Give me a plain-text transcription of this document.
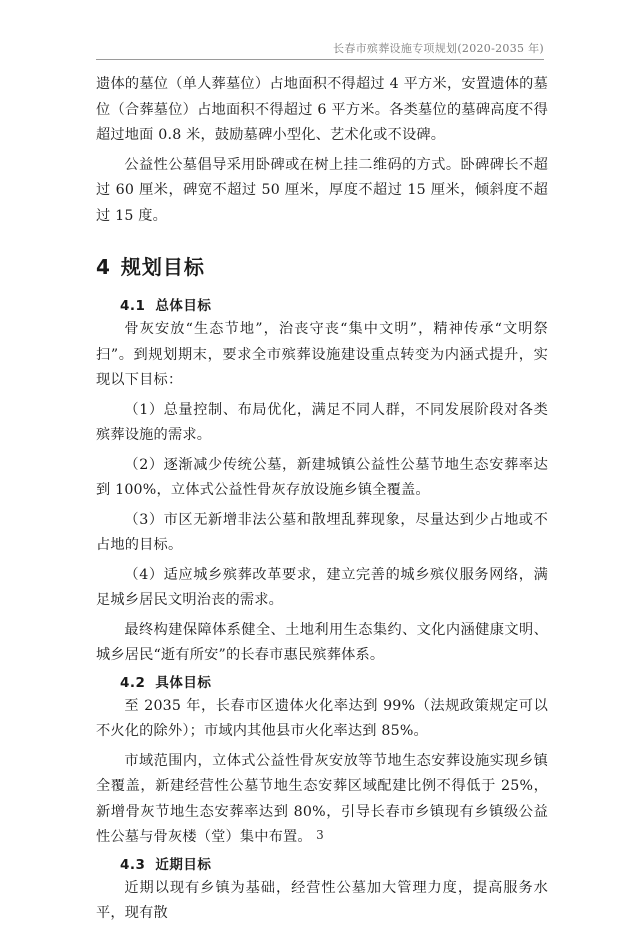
长春市殡葬设施专项规划(2020-2035 年)

遗体的墓位（单人葬墓位）占地面积不得超过 4 平方米，安置遗体的墓位（合葬墓位）占地面积不得超过 6 平方米。各类墓位的墓碑高度不得超过地面 0.8 米，鼓励墓碑小型化、艺术化或不设碑。

公益性公墓倡导采用卧碑或在树上挂二维码的方式。卧碑碑长不超过 60 厘米，碑宽不超过 50 厘米，厚度不超过 15 厘米，倾斜度不超过 15 度。

4 规划目标
4.1 总体目标

骨灰安放“生态节地”，治丧守丧“集中文明”，精神传承“文明祭扫”。到规划期末，要求全市殡葬设施建设重点转变为内涵式提升，实现以下目标：

（1）总量控制、布局优化，满足不同人群，不同发展阶段对各类殡葬设施的需求。

（2）逐渐减少传统公墓，新建城镇公益性公墓节地生态安葬率达到 100%，立体式公益性骨灰存放设施乡镇全覆盖。

（3）市区无新增非法公墓和散埋乱葬现象，尽量达到少占地或不占地的目标。

（4）适应城乡殡葬改革要求，建立完善的城乡殡仪服务网络，满足城乡居民文明治丧的需求。

最终构建保障体系健全、土地利用生态集约、文化内涵健康文明、城乡居民“逝有所安”的长春市惠民殡葬体系。

4.2 具体目标

至 2035 年，长春市区遗体火化率达到 99%（法规政策规定可以不火化的除外）；市域内其他县市火化率达到 85%。

市域范围内，立体式公益性骨灰安放等节地生态安葬设施实现乡镇全覆盖，新建经营性公墓节地生态安葬区域配建比例不得低于 25%，新增骨灰节地生态安葬率达到 80%，引导长春市乡镇现有乡镇级公益性公墓与骨灰楼（堂）集中布置。

4.3 近期目标

近期以现有乡镇为基础，经营性公墓加大管理力度，提高服务水平，现有散

3
